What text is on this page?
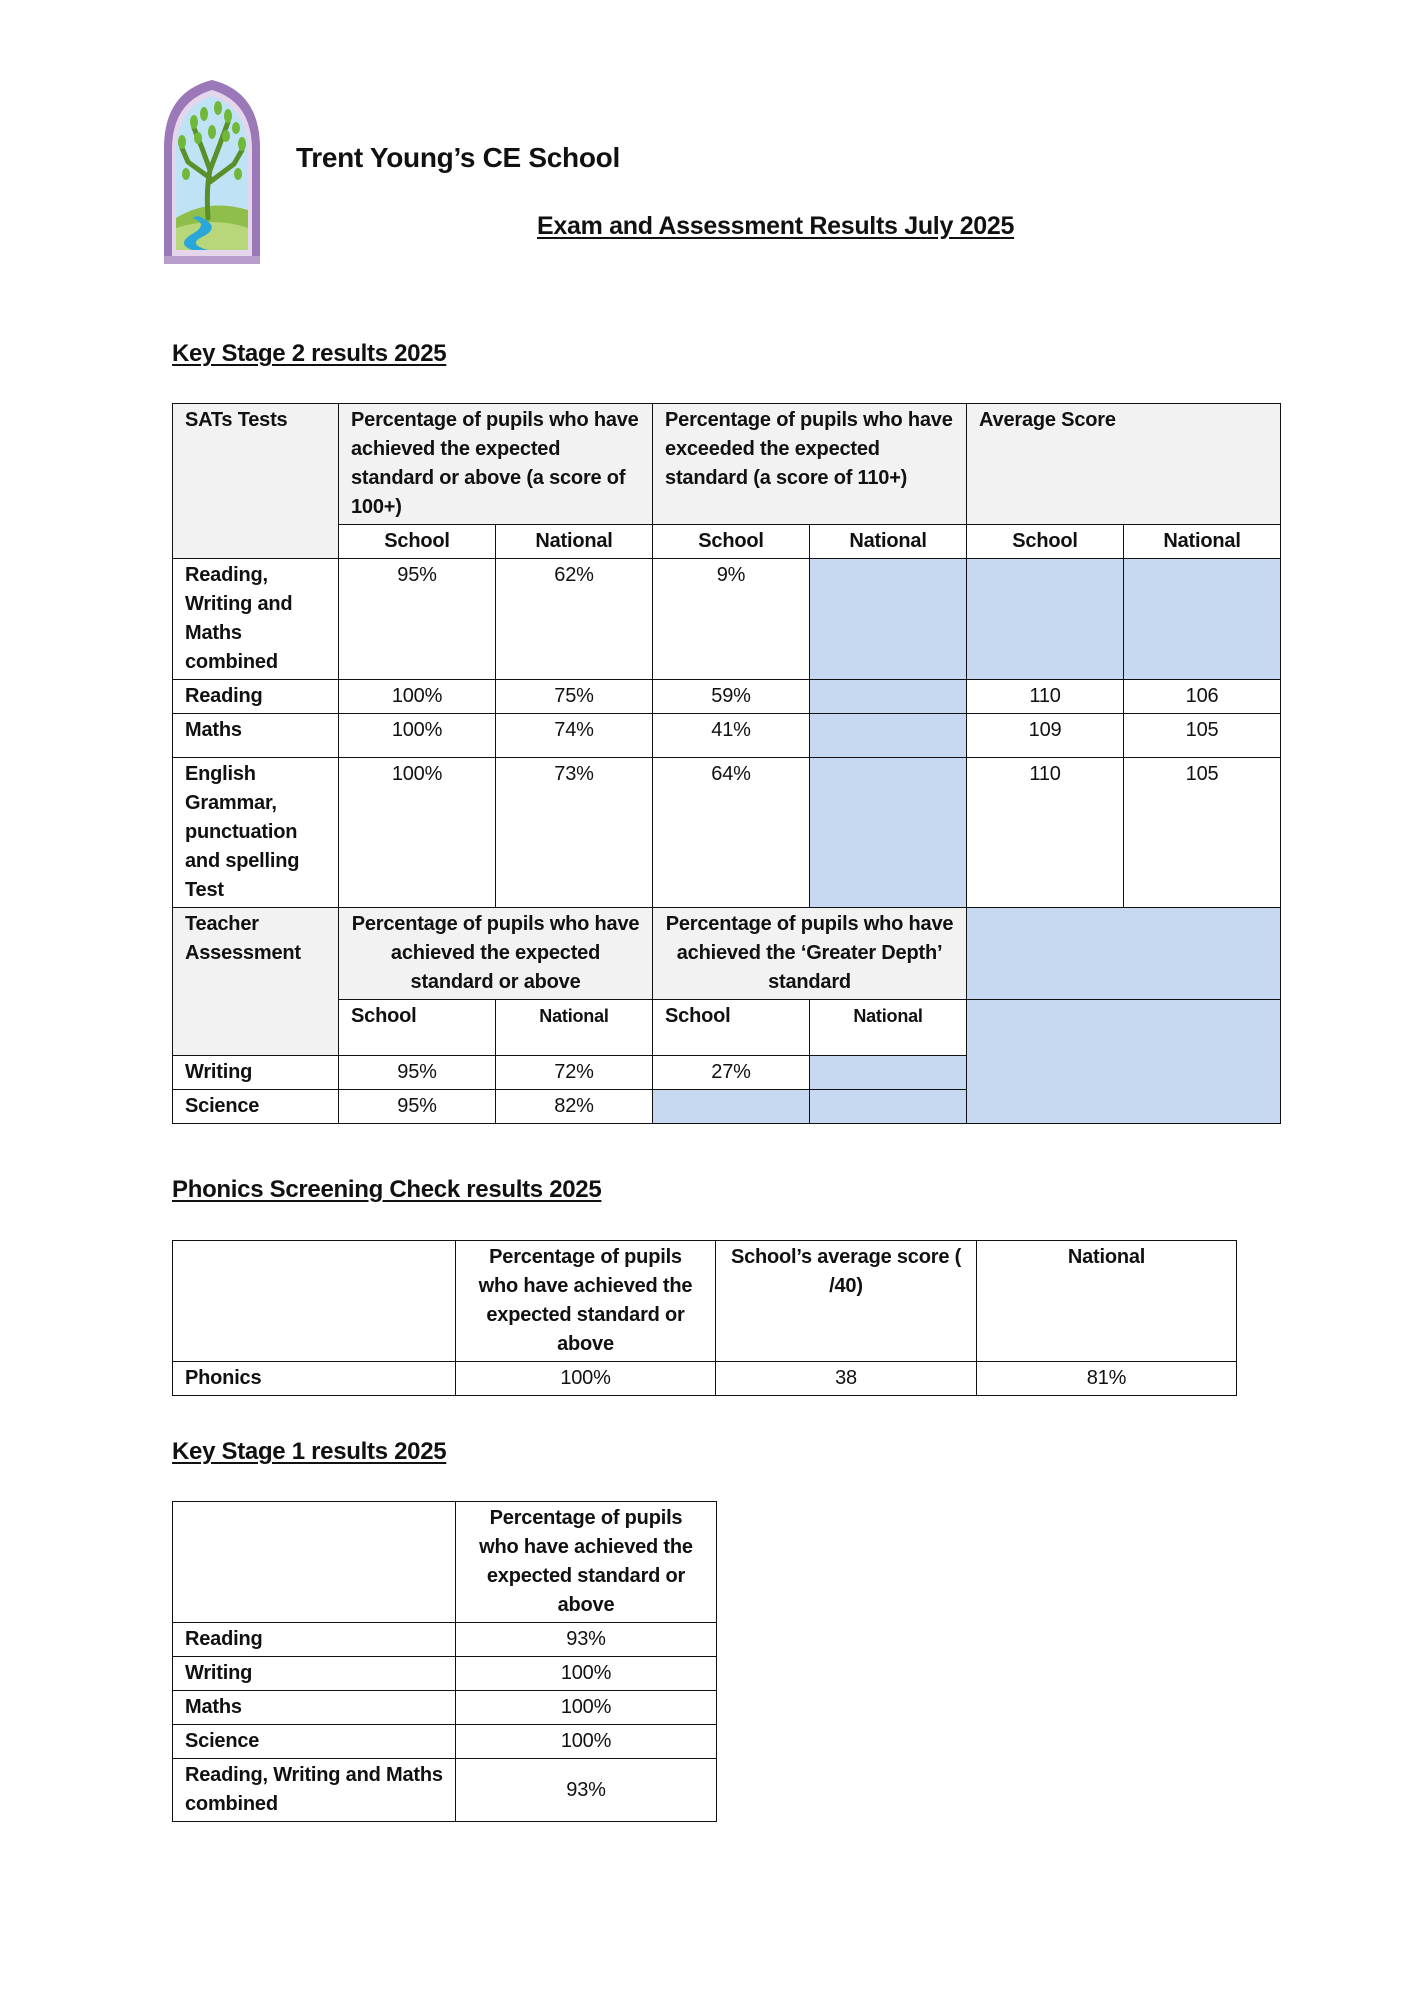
Trent Young’s CE School
Exam and Assessment Results July 2025
Key Stage 2 results 2025
SATs Tests	Percentage of pupils who have achieved the expected standard or above (a score of 100+)		Percentage of pupils who have exceeded the expected standard (a score of 110+)		Average Score	
	School	National	School	National	School	National
Reading, Writing and Maths combined	95%	62%	9%			
Reading	100%	75%	59%		110	106
Maths	100%	74%	41%		109	105
English Grammar, punctuation and spelling Test	100%	73%	64%		110	105
Teacher Assessment	Percentage of pupils who have achieved the expected standard or above		Percentage of pupils who have achieved the ‘Greater Depth’ standard			
	School	National	School	National		
Writing	95%	72%	27%			
Science	95%	82%				
Phonics Screening Check results 2025
	Percentage of pupils who have achieved the expected standard or above	School’s average score ( /40)	National
Phonics	100%	38	81%
Key Stage 1 results 2025
	Percentage of pupils who have achieved the expected standard or above
Reading	93%
Writing	100%
Maths	100%
Science	100%
Reading, Writing and Maths combined	93%
